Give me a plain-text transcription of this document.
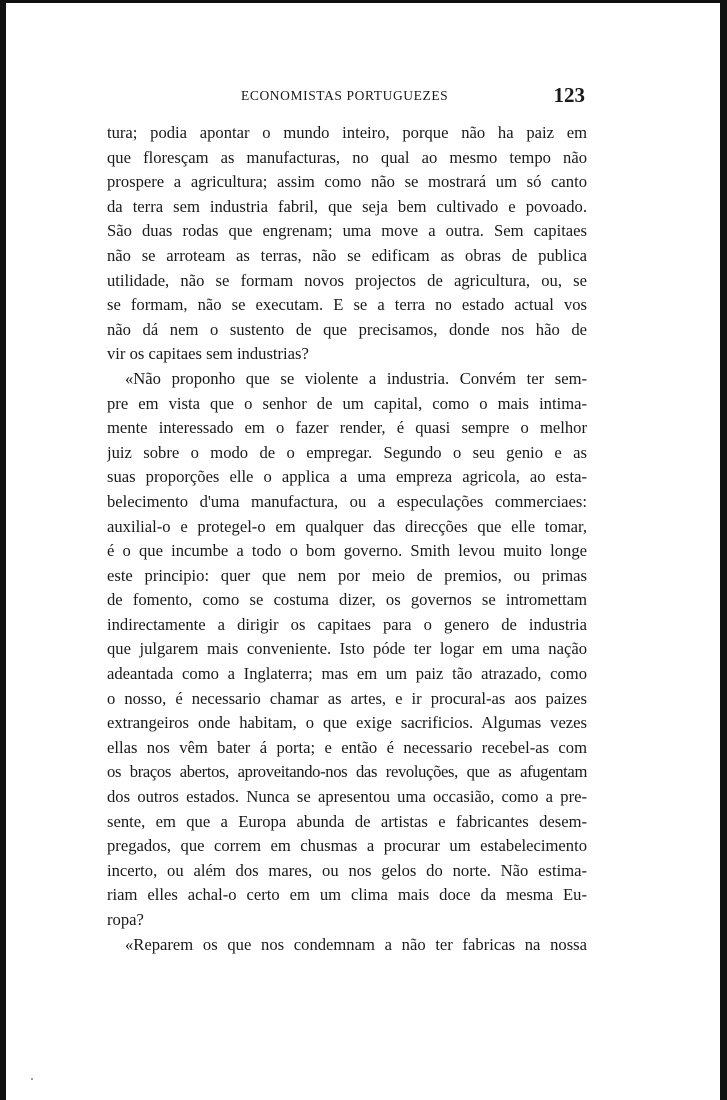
ECONOMISTAS PORTUGUEZES	123
tura; podia apontar o mundo inteiro, porque não ha paiz em
que floresçam as manufacturas, no qual ao mesmo tempo não
prospere a agricultura; assim como não se mostrará um só canto
da terra sem industria fabril, que seja bem cultivado e povoado.
São duas rodas que engrenam; uma move a outra. Sem capitaes
não se arroteam as terras, não se edificam as obras de publica
utilidade, não se formam novos projectos de agricultura, ou, se
se formam, não se executam. E se a terra no estado actual vos
não dá nem o sustento de que precisamos, donde nos hão de
vir os capitaes sem industrias?
«Não proponho que se violente a industria. Convém ter sem-
pre em vista que o senhor de um capital, como o mais intima-
mente interessado em o fazer render, é quasi sempre o melhor
juiz sobre o modo de o empregar. Segundo o seu genio e as
suas proporções elle o applica a uma empreza agricola, ao esta-
belecimento d'uma manufactura, ou a especulações commerciaes:
auxilial-o e protegel-o em qualquer das direcções que elle tomar,
é o que incumbe a todo o bom governo. Smith levou muito longe
este principio: quer que nem por meio de premios, ou primas
de fomento, como se costuma dizer, os governos se intromettam
indirectamente a dirigir os capitaes para o genero de industria
que julgarem mais conveniente. Isto póde ter logar em uma nação
adeantada como a Inglaterra; mas em um paiz tão atrazado, como
o nosso, é necessario chamar as artes, e ir procural-as aos paizes
extrangeiros onde habitam, o que exige sacrificios. Algumas vezes
ellas nos vêm bater á porta; e então é necessario recebel-as com
os braços abertos, aproveitando-nos das revoluções, que as afugentam
dos outros estados. Nunca se apresentou uma occasião, como a pre-
sente, em que a Europa abunda de artistas e fabricantes desem-
pregados, que correm em chusmas a procurar um estabelecimento
incerto, ou além dos mares, ou nos gelos do norte. Não estima-
riam elles achal-o certo em um clima mais doce da mesma Eu-
ropa?
«Reparem os que nos condemnam a não ter fabricas na nossa
